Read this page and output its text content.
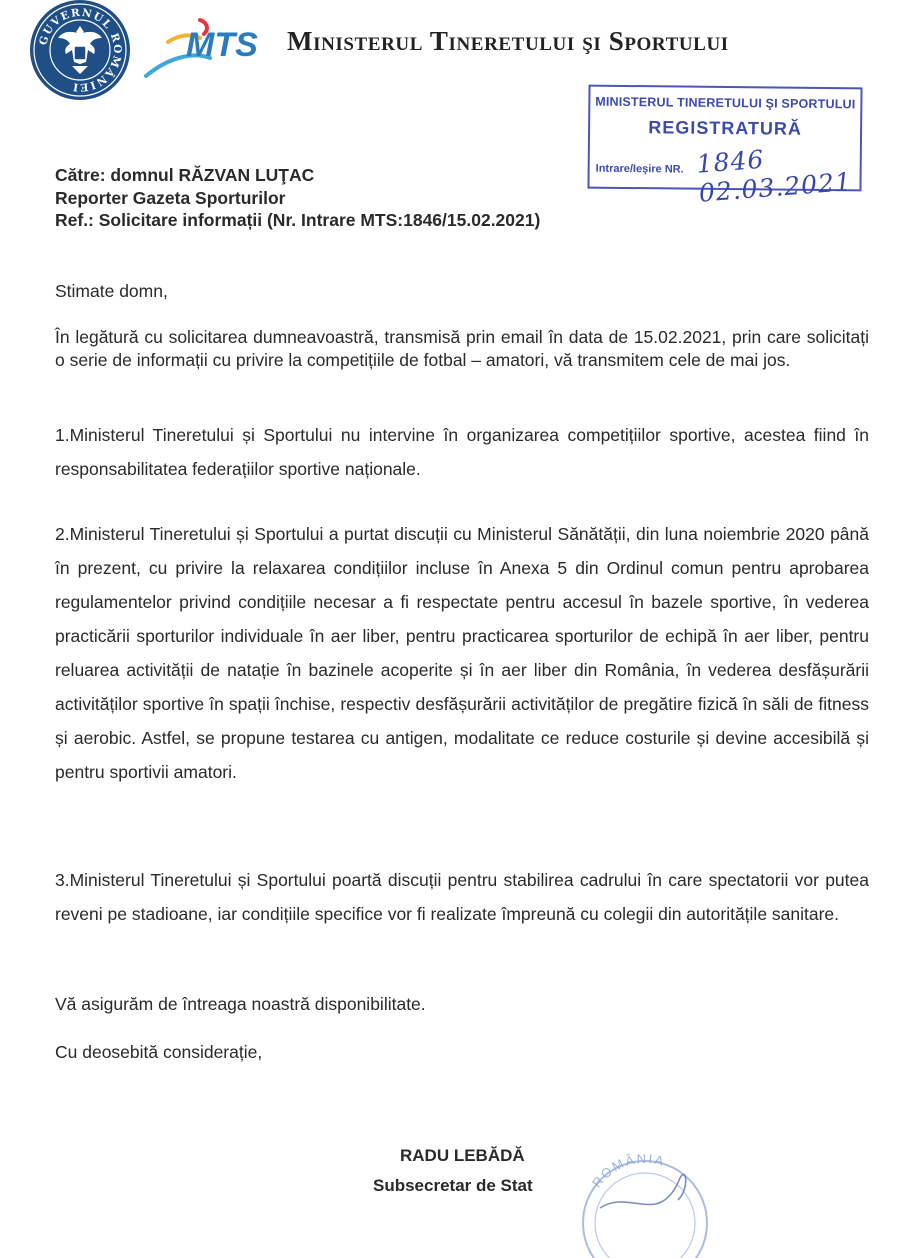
GUVERNUL ROMÂNIEI
MTS Ministerul Tineretului şi Sportului
MINISTERUL TINERETULUI ŞI SPORTULUI
REGISTRATURĂ
Intrare/Ieşire NR. 1846 02.03.2021
Către: domnul RĂZVAN LUŢAC
Reporter Gazeta Sporturilor
Ref.: Solicitare informații (Nr. Intrare MTS:1846/15.02.2021)
Stimate domn,
În legătură cu solicitarea dumneavoastră, transmisă prin email în data de 15.02.2021, prin care solicitați o serie de informații cu privire la competițiile de fotbal – amatori, vă transmitem cele de mai jos.
1.Ministerul Tineretului și Sportului nu intervine în organizarea competițiilor sportive, acestea fiind în responsabilitatea federațiilor sportive naționale.
2.Ministerul Tineretului și Sportului a purtat discuții cu Ministerul Sănătății, din luna noiembrie 2020 până în prezent, cu privire la relaxarea condițiilor incluse în Anexa 5 din Ordinul comun pentru aprobarea regulamentelor privind condițiile necesar a fi respectate pentru accesul în bazele sportive, în vederea practicării sporturilor individuale în aer liber, pentru practicarea sporturilor de echipă în aer liber, pentru reluarea activității de natație în bazinele acoperite și în aer liber din România, în vederea desfășurării activităților sportive în spații închise, respectiv desfășurării activităților de pregătire fizică în săli de fitness și aerobic. Astfel, se propune testarea cu antigen, modalitate ce reduce costurile și devine accesibilă și pentru sportivii amatori.
3.Ministerul Tineretului și Sportului poartă discuții pentru stabilirea cadrului în care spectatorii vor putea reveni pe stadioane, iar condițiile specifice vor fi realizate împreună cu colegii din autoritățile sanitare.
Vă asigurăm de întreaga noastră disponibilitate.
Cu deosebită considerație,
RADU LEBĂDĂ
Subsecretar de Stat	ROMÂNIA
